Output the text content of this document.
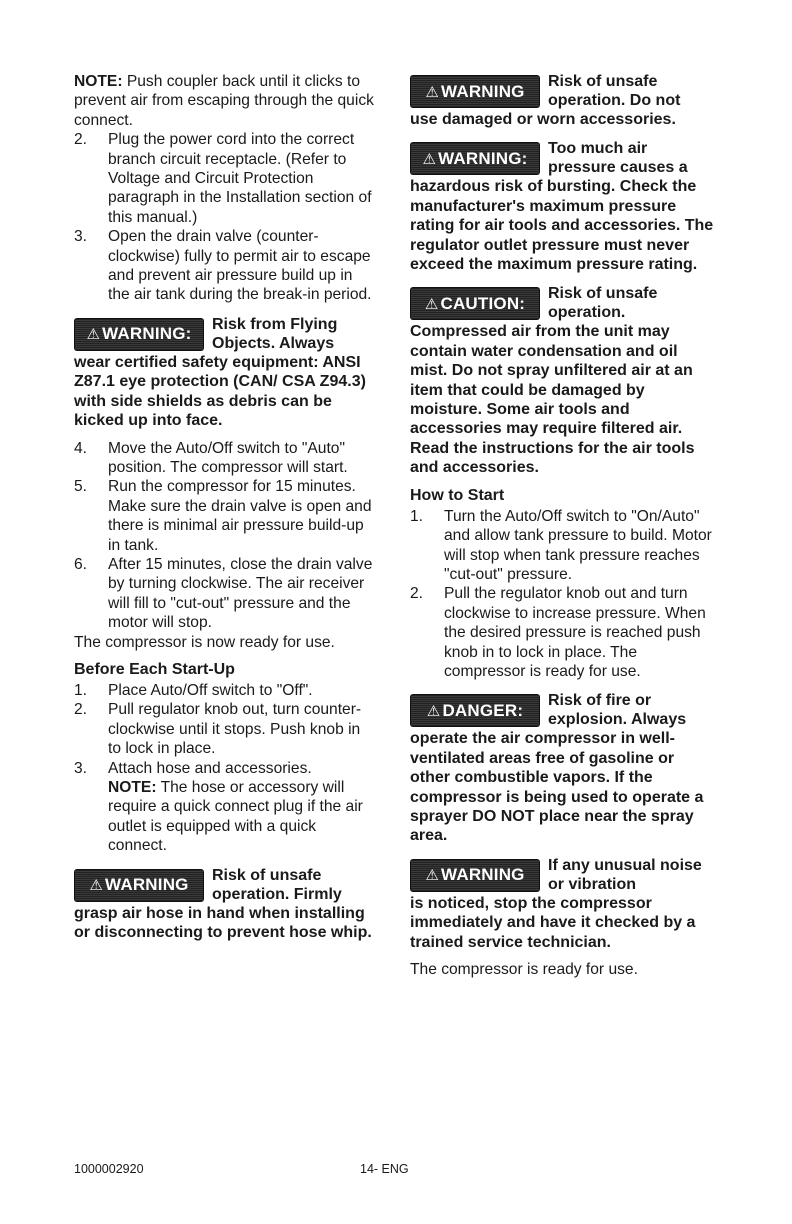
NOTE: Push coupler back until it clicks to prevent air from escaping through the quick connect.

2.	Plug the power cord into the correct branch circuit receptacle. (Refer to Voltage and Circuit Protection paragraph in the Installation section of this manual.)
3.	Open the drain valve (counter-clockwise) fully to permit air to escape and prevent air pressure build up in the air tank during the break-in period.
⚠ WARNING: Risk from Flying Objects. Always
wear certified safety equipment: ANSI Z87.1 eye protection (CAN/ CSA Z94.3) with side shields as debris can be kicked up into face.
4.	Move the Auto/Off switch to "Auto" position. The compressor will start.
5.	Run the compressor for 15 minutes. Make sure the drain valve is open and there is minimal air pressure build-up in tank.
6.	After 15 minutes, close the drain valve by turning clockwise. The air receiver will fill to "cut-out" pressure and the motor will stop.

The compressor is now ready for use.

Before Each Start-Up
1.	Place Auto/Off switch to "Off".
2.	Pull regulator knob out, turn counter-clockwise until it stops. Push knob in to lock in place.
3.	Attach hose and accessories.
NOTE: The hose or accessory will require a quick connect plug if the air outlet is equipped with a quick connect.
⚠ WARNING Risk of unsafe operation. Firmly
grasp air hose in hand when installing or disconnecting to prevent hose whip.
⚠ WARNING Risk of unsafe operation. Do not
use damaged or worn accessories.
⚠ WARNING: Too much air pressure causes a
hazardous risk of bursting. Check the manufacturer's maximum pressure rating for air tools and accessories. The regulator outlet pressure must never exceed the maximum pressure rating.
⚠ CAUTION: Risk of unsafe operation.
Compressed air from the unit may contain water condensation and oil mist. Do not spray unfiltered air at an item that could be damaged by moisture. Some air tools and accessories may require filtered air. Read the instructions for the air tools and accessories.
How to Start
1.	Turn the Auto/Off switch to "On/Auto" and allow tank pressure to build. Motor will stop when tank pressure reaches "cut-out" pressure.
2.	Pull the regulator knob out and turn clockwise to increase pressure. When the desired pressure is reached push knob in to lock in place. The compressor is ready for use.
⚠ DANGER: Risk of fire or explosion. Always
operate the air compressor in well-ventilated areas free of gasoline or other combustible vapors. If the compressor is being used to operate a sprayer DO NOT place near the spray area.
⚠ WARNING If any unusual noise or vibration
is noticed, stop the compressor immediately and have it checked by a trained service technician.

The compressor is ready for use.

1000002920	14- ENG
